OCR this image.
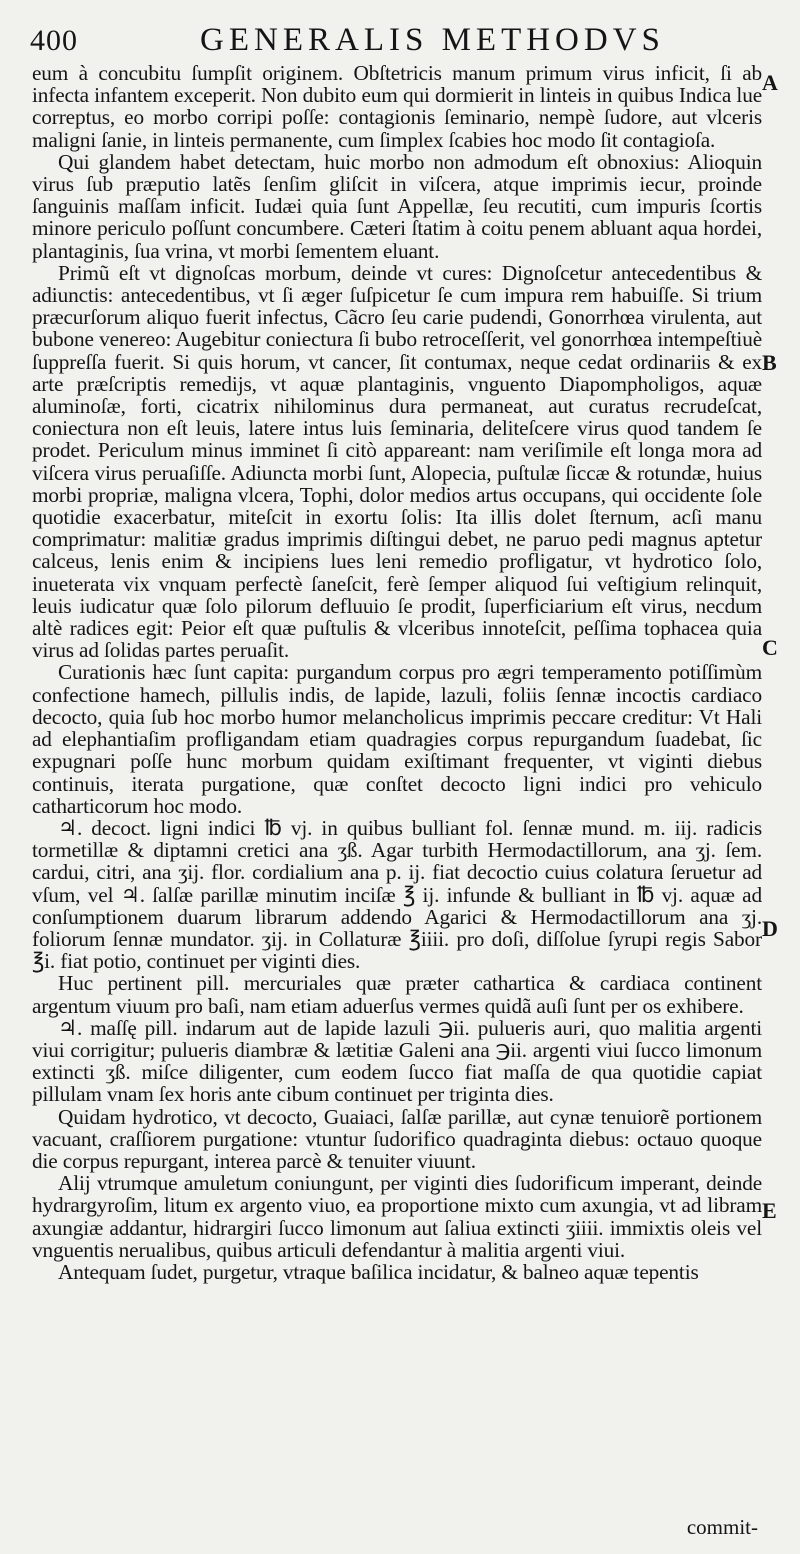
400	GENERALIS METHODVS
A
B
C
D
E

eum à concubitu ſumpſit originem. Obſtetricis manum primum virus inficit, ſi ab infecta infantem exceperit. Non dubito eum qui dormierit in linteis in quibus Indica lue correptus, eo morbo corripi poſſe: contagionis ſeminario, nempè ſudore, aut vlceris maligni ſanie, in linteis permanente, cum ſimplex ſcabies hoc modo ſit contagioſa.

Qui glandem habet detectam, huic morbo non admodum eſt obnoxius: Alioquin virus ſub præputio latẽs ſenſim gliſcit in viſcera, atque imprimis iecur, proinde ſanguinis maſſam inficit. Iudæi quia ſunt Appellæ, ſeu recutiti, cum impuris ſcortis minore periculo poſſunt concumbere. Cæteri ſtatim à coitu penem abluant aqua hordei, plantaginis, ſua vrina, vt morbi ſementem eluant.

Primũ eſt vt dignoſcas morbum, deinde vt cures: Dignoſcetur antecedentibus & adiunctis: antecedentibus, vt ſi æger ſuſpicetur ſe cum impura rem habuiſſe. Si trium præcurſorum aliquo fuerit infectus, Cãcro ſeu carie pudendi, Gonorrhœa virulenta, aut bubone venereo: Augebitur coniectura ſi bubo retroceſſerit, vel gonorrhœa intempeſtiuè ſuppreſſa fuerit. Si quis horum, vt cancer, ſit contumax, neque cedat ordinariis & ex arte præſcriptis remedijs, vt aquæ plantaginis, vnguento Diapompholigos, aquæ aluminoſæ, forti, cicatrix nihilominus dura permaneat, aut curatus recrudeſcat, coniectura non eſt leuis, latere intus luis ſeminaria, deliteſcere virus quod tandem ſe prodet. Periculum minus imminet ſi citò appareant: nam veriſimile eſt longa mora ad viſcera virus peruaſiſſe. Adiuncta morbi ſunt, Alopecia, puſtulæ ſiccæ & rotundæ, huius morbi propriæ, maligna vlcera, Tophi, dolor medios artus occupans, qui occidente ſole quotidie exacerbatur, miteſcit in exortu ſolis: Ita illis dolet ſternum, acſi manu comprimatur: malitiæ gradus imprimis diſtingui debet, ne paruo pedi magnus aptetur calceus, lenis enim & incipiens lues leni remedio profligatur, vt hydrotico ſolo, inueterata vix vnquam perfectè ſaneſcit, ferè ſemper aliquod ſui veſtigium relinquit, leuis iudicatur quæ ſolo pilorum defluuio ſe prodit, ſuperficiarium eſt virus, necdum altè radices egit: Peior eſt quæ puſtulis & vlceribus innoteſcit, peſſima tophacea quia virus ad ſolidas partes peruaſit.

Curationis hæc ſunt capita: purgandum corpus pro ægri temperamento potiſſimùm confectione hamech, pillulis indis, de lapide, lazuli, foliis ſennæ incoctis cardiaco decocto, quia ſub hoc morbo humor melancholicus imprimis peccare creditur: Vt Hali ad elephantiaſim profligandam etiam quadragies corpus repurgandum ſuadebat, ſic expugnari poſſe hunc morbum quidam exiſtimant frequenter, vt viginti diebus continuis, iterata purgatione, quæ conſtet decocto ligni indici pro vehiculo catharticorum hoc modo.

♃. decoct. ligni indici ℔ vj. in quibus bulliant fol. ſennæ mund. m. iij. radicis tormetillæ & diptamni cretici ana ʒß. Agar turbith Hermodactillorum, ana ʒj. ſem. cardui, citri, ana ʒij. flor. cordialium ana p. ij. fiat decoctio cuius colatura ſeruetur ad vſum, vel ♃. ſalſæ parillæ minutim inciſæ ℥ ij. infunde & bulliant in ℔ vj. aquæ ad conſumptionem duarum librarum addendo Agarici & Hermodactillorum ana ʒj. foliorum ſennæ mundator. ʒij. in Collaturæ ℥iiii. pro doſi, diſſolue ſyrupi regis Sabor ℥i. fiat potio, continuet per viginti dies.

Huc pertinent pill. mercuriales quæ præter cathartica & cardiaca continent argentum viuum pro baſi, nam etiam aduerſus vermes quidã auſi ſunt per os exhibere.

♃. maſſę pill. indarum aut de lapide lazuli ℈ii. pulueris auri, quo malitia argenti viui corrigitur; pulueris diambræ & lætitiæ Galeni ana ℈ii. argenti viui ſucco limonum extincti ʒß. miſce diligenter, cum eodem ſucco fiat maſſa de qua quotidie capiat pillulam vnam ſex horis ante cibum continuet per triginta dies.

Quidam hydrotico, vt decocto, Guaiaci, ſalſæ parillæ, aut cynæ tenuiorẽ portionem vacuant, craſſiorem purgatione: vtuntur ſudorifico quadraginta diebus: octauo quoque die corpus repurgant, interea parcè & tenuiter viuunt.

Alij vtrumque amuletum coniungunt, per viginti dies ſudorificum imperant, deinde hydrargyroſim, litum ex argento viuo, ea proportione mixto cum axungia, vt ad libram axungiæ addantur, hidrargiri ſucco limonum aut ſaliua extincti ʒiiii. immixtis oleis vel vnguentis nerualibus, quibus articuli defendantur à malitia argenti viui.

Antequam ſudet, purgetur, vtraque baſilica incidatur, & balneo aquæ tepentis

commit-
